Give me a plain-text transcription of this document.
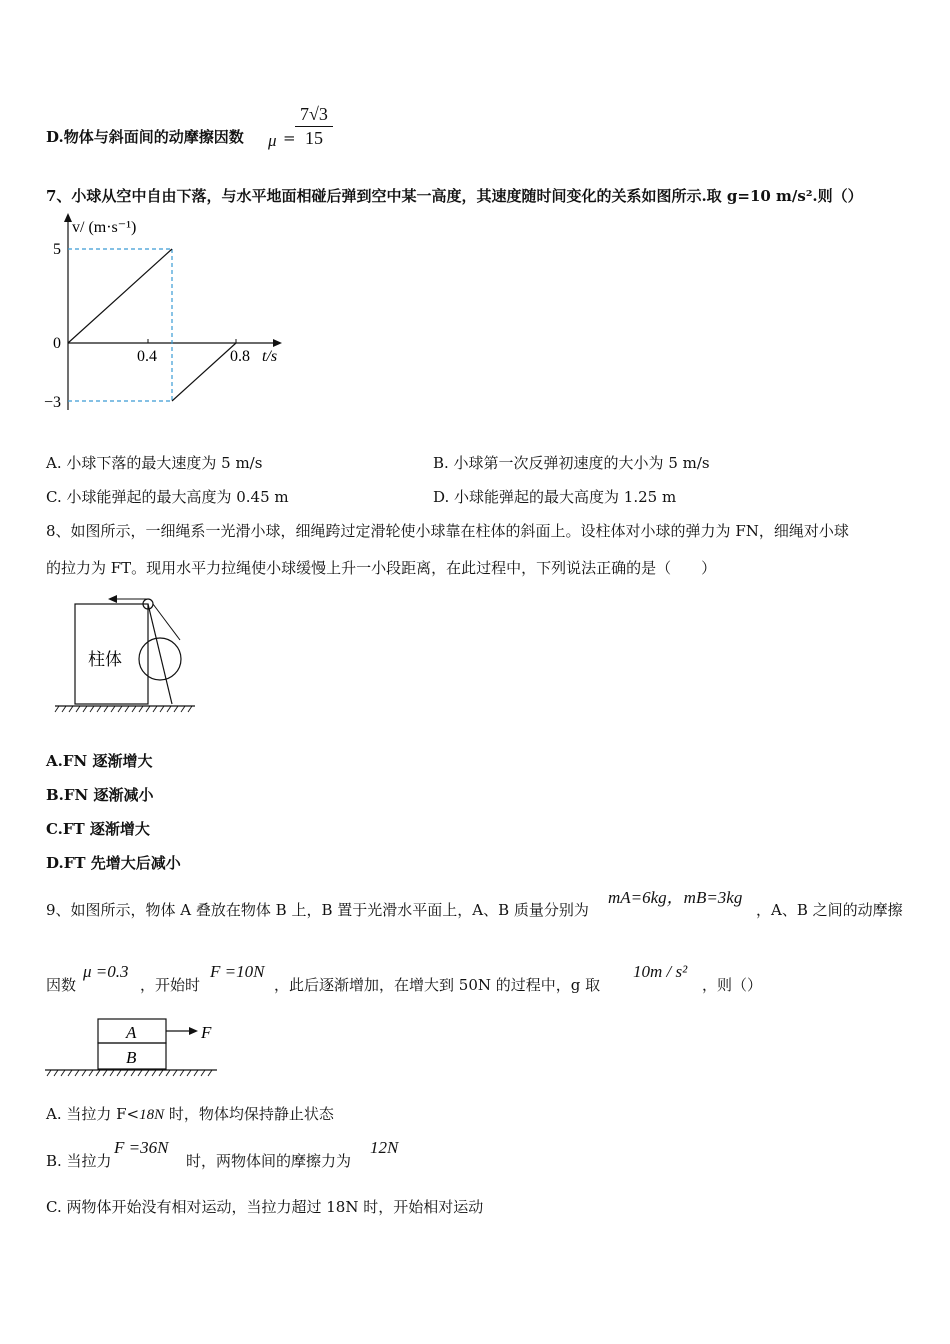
D.物体与斜面间的动摩擦因数 μ =
7√3
15
7、小球从空中自由下落，与水平地面相碰后弹到空中某一高度，其速度随时间变化的关系如图所示.取 g=10 m/s².则（）
v/ (m·s⁻¹)
5
0
−3
0.4	0.8 t/s
A. 小球下落的最大速度为 5 m/s	B. 小球第一次反弹初速度的大小为 5 m/s
C. 小球能弹起的最大高度为 0.45 m	D. 小球能弹起的最大高度为 1.25 m
8、如图所示，一细绳系一光滑小球，细绳跨过定滑轮使小球靠在柱体的斜面上。设柱体对小球的弹力为 FN，细绳对小球
的拉力为 FT。现用水平力拉绳使小球缓慢上升一小段距离，在此过程中，下列说法正确的是（　　）
柱体
A.FN 逐渐增大
B.FN 逐渐减小
C.FT 逐渐增大
D.FT 先增大后减小
9、如图所示，物体 A 叠放在物体 B 上，B 置于光滑水平面上，A、B 质量分别为
mA=6kg，mB=3kg
，A、B 之间的动摩擦
因数
μ =0.3
，开始时
F =10N
，此后逐渐增加，在增大到 50N 的过程中，g 取
10m / s²
，则（）
A
B
F
A. 当拉力 F<18N 时，物体均保持静止状态
B. 当拉力
F =36N
时，两物体间的摩擦力为
12N
C. 两物体开始没有相对运动，当拉力超过 18N 时，开始相对运动
